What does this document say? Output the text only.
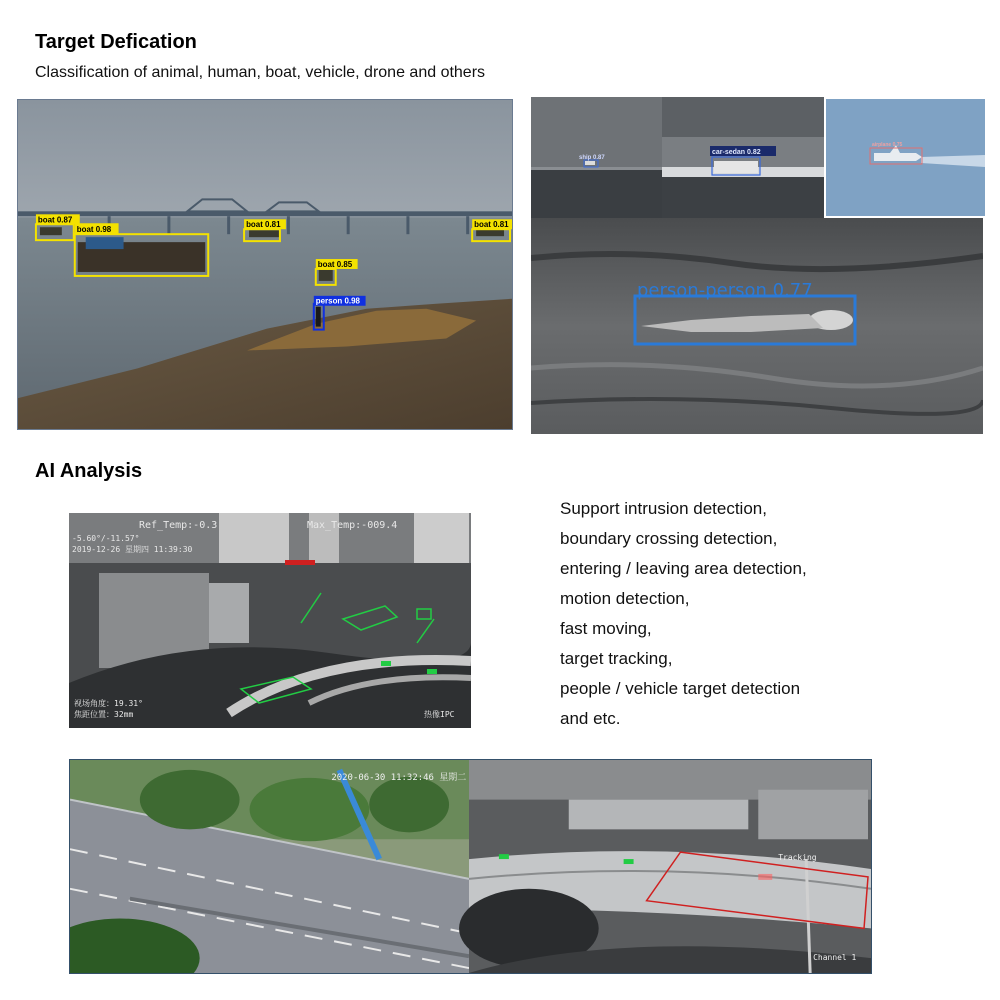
Target Defication
Classification of animal, human, boat, vehicle, drone and others
boat 0.87
boat 0.98
boat 0.81	boat 0.81
boat 0.85
person 0.98
ship 0.87
car-sedan 0.82
airplane 0.75
person-person 0.77
AI Analysis
Ref_Temp:-0.3	Max_Temp:-009.4
-5.60°/-11.57°
2019-12-26 星期四 11:39:30
视场角度：19.31°
焦距位置：32mm	热像IPC
Support intrusion detection,
boundary crossing detection,
entering / leaving area detection,
motion detection,
fast moving,
target tracking,
people / vehicle target detection
and etc.
2020-06-30 11:32:46 星期二
Tracking
Channel 1
